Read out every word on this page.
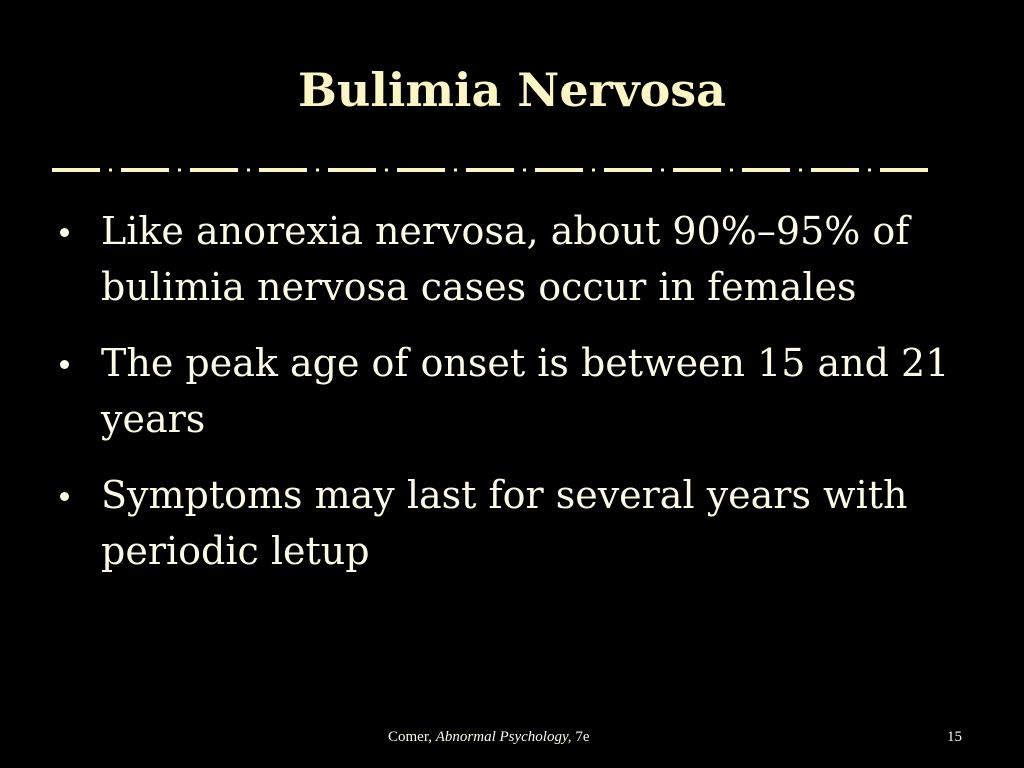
Bulimia Nervosa
Like anorexia nervosa, about 90%–95% of bulimia nervosa cases occur in females
The peak age of onset is between 15 and 21 years
Symptoms may last for several years with periodic letup
Comer, Abnormal Psychology, 7e	15
